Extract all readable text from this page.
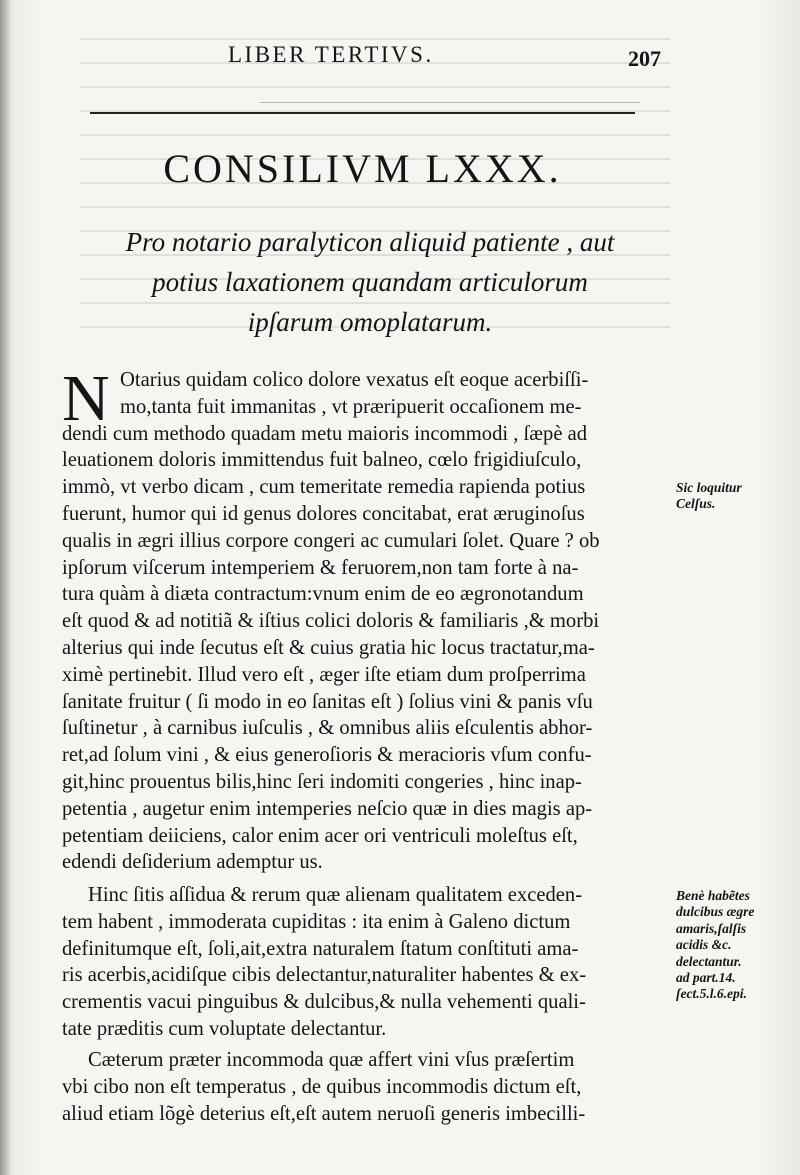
LIBER TERTIVS.	207
CONSILIVM LXXX.
Pro notario paralyticon aliquid patiente , aut
potius laxationem quandam articulorum
ipſarum omoplatarum.
N Otarius quidam colico dolore vexatus eſt eoque acerbiſſi-
mo,tanta fuit immanitas , vt præripuerit occaſionem me-
dendi cum methodo quadam metu maioris incommodi , ſæpè ad
leuationem doloris immittendus fuit balneo, cœlo frigidiuſculo,
immò, vt verbo dicam , cum temeritate remedia rapienda potius
fuerunt, humor qui id genus dolores concitabat, erat æruginoſus
qualis in ægri illius corpore congeri ac cumulari ſolet. Quare ? ob
ipſorum viſcerum intemperiem & feruorem,non tam forte à na-
tura quàm à diæta contractum:vnum enim de eo ægronotandum
eſt quod & ad notitiã & iſtius colici doloris & familiaris ,& morbi
alterius qui inde ſecutus eſt & cuius gratia hic locus tractatur,ma-
ximè pertinebit. Illud vero eſt , æger iſte etiam dum proſperrima
ſanitate fruitur ( ſi modo in eo ſanitas eſt ) ſolius vini & panis vſu
ſuſtinetur , à carnibus iuſculis , & omnibus aliis eſculentis abhor-
ret,ad ſolum vini , & eius generoſioris & meracioris vſum confu-
git,hinc prouentus bilis,hinc ſeri indomiti congeries , hinc inap-
petentia , augetur enim intemperies neſcio quæ in dies magis ap-
petentiam deiiciens, calor enim acer ori ventriculi moleſtus eſt,
edendi deſiderium ademptur us.
Hinc ſitis aſſidua & rerum quæ alienam qualitatem exceden-
tem habent , immoderata cupiditas : ita enim à Galeno dictum
definitumque eſt, ſoli,ait,extra naturalem ſtatum conſtituti ama-
ris acerbis,acidiſque cibis delectantur,naturaliter habentes & ex-
crementis vacui pinguibus & dulcibus,& nulla vehementi quali-
tate præditis cum voluptate delectantur.
Cæterum præter incommoda quæ affert vini vſus præſertim
vbi cibo non eſt temperatus , de quibus incommodis dictum eſt,
aliud etiam lõgè deterius eſt,eſt autem neruoſi generis imbecilli-
Sic loquitur
Celſus.
Benè habẽtes
dulcibus ægre
amaris,ſalſis
acidis &c.
delectantur.
ad part.14.
ſect.5.l.6.epi.
